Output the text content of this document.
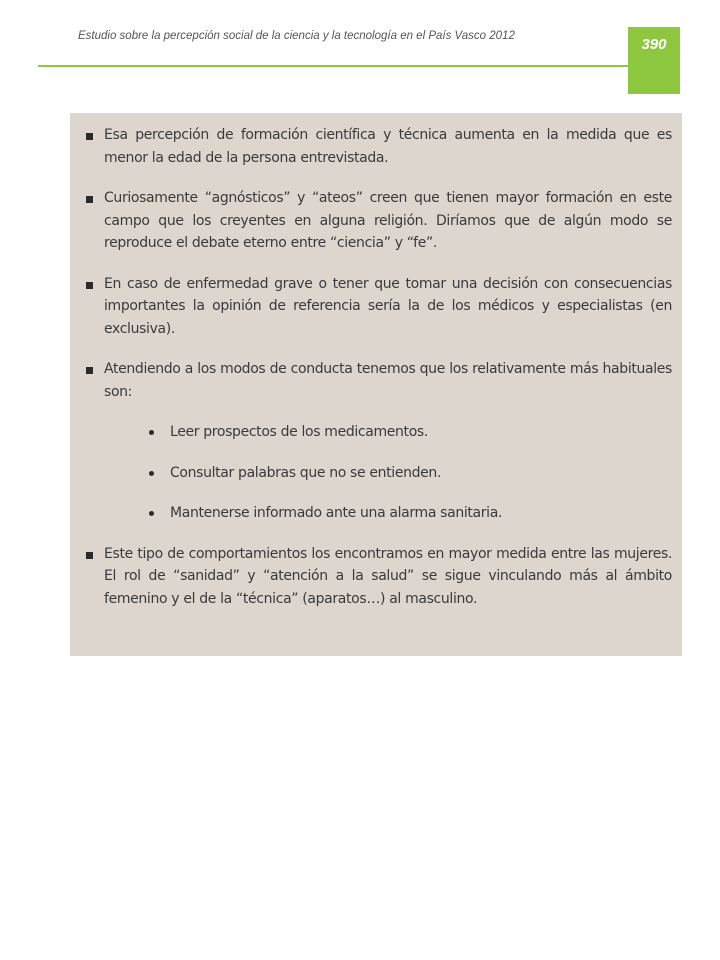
Estudio sobre la percepción social de la ciencia y la tecnología en el País Vasco 2012	390
Esa percepción de formación científica y técnica aumenta en la medida que es menor la edad de la persona entrevistada.
Curiosamente “agnósticos” y “ateos” creen que tienen mayor formación en este campo que los creyentes en alguna religión. Diríamos que de algún modo se reproduce el debate eterno entre “ciencia” y “fe”.
En caso de enfermedad grave o tener que tomar una decisión con consecuencias importantes la opinión de referencia sería la de los médicos y especialistas (en exclusiva).
Atendiendo a los modos de conducta tenemos que los relativamente más habituales son:
Leer prospectos de los medicamentos.
Consultar palabras que no se entienden.
Mantenerse informado ante una alarma sanitaria.
Este tipo de comportamientos los encontramos en mayor medida entre las mujeres. El rol de “sanidad” y “atención a la salud” se sigue vinculando más al ámbito femenino y el de la “técnica” (aparatos…) al masculino.
